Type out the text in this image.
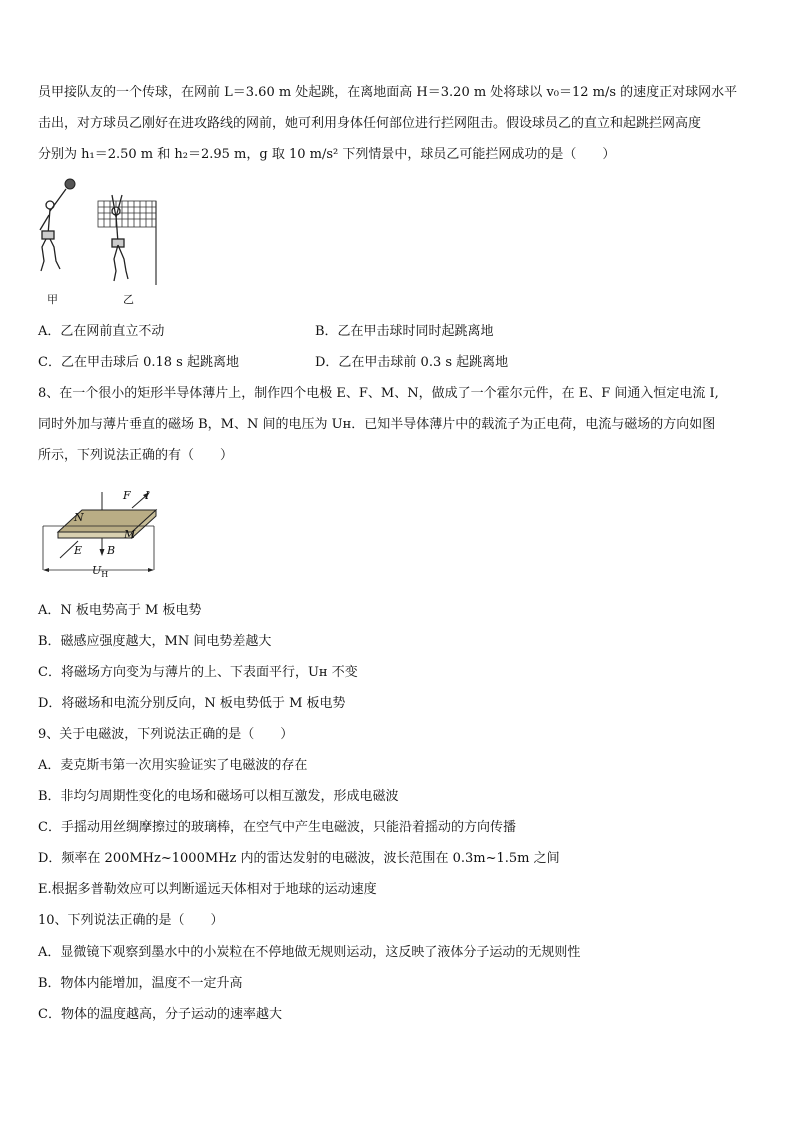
员甲接队友的一个传球，在网前 L＝3.60 m 处起跳，在离地面高 H＝3.20 m 处将球以 v₀＝12 m/s 的速度正对球网水平
击出，对方球员乙刚好在进攻路线的网前，她可利用身体任何部位进行拦网阻击。假设球员乙的直立和起跳拦网高度
分别为 h₁＝2.50 m 和 h₂＝2.95 m，g 取 10 m/s² 下列情景中，球员乙可能拦网成功的是（　　）
甲	乙
A．乙在网前直立不动	B．乙在甲击球时同时起跳离地
C．乙在甲击球后 0.18 s 起跳离地	D．乙在甲击球前 0.3 s 起跳离地
8、在一个很小的矩形半导体薄片上，制作四个电极 E、F、M、N，做成了一个霍尔元件，在 E、F 间通入恒定电流 I,
同时外加与薄片垂直的磁场 B，M、N 间的电压为 Uн．已知半导体薄片中的载流子为正电荷，电流与磁场的方向如图
所示，下列说法正确的有（　　）
F I
N
M
E B
$U_H$
A．N 板电势高于 M 板电势
B．磁感应强度越大，MN 间电势差越大
C．将磁场方向变为与薄片的上、下表面平行，Uн 不变
D．将磁场和电流分别反向，N 板电势低于 M 板电势
9、关于电磁波，下列说法正确的是（　　）
A．麦克斯韦第一次用实验证实了电磁波的存在
B．非均匀周期性变化的电场和磁场可以相互激发，形成电磁波
C．手摇动用丝绸摩擦过的玻璃棒，在空气中产生电磁波，只能沿着摇动的方向传播
D．频率在 200MHz~1000MHz 内的雷达发射的电磁波，波长范围在 0.3m~1.5m 之间
E.根据多普勒效应可以判断遥远天体相对于地球的运动速度
10、下列说法正确的是（　　）
A．显微镜下观察到墨水中的小炭粒在不停地做无规则运动，这反映了液体分子运动的无规则性
B．物体内能增加，温度不一定升高
C．物体的温度越高，分子运动的速率越大
